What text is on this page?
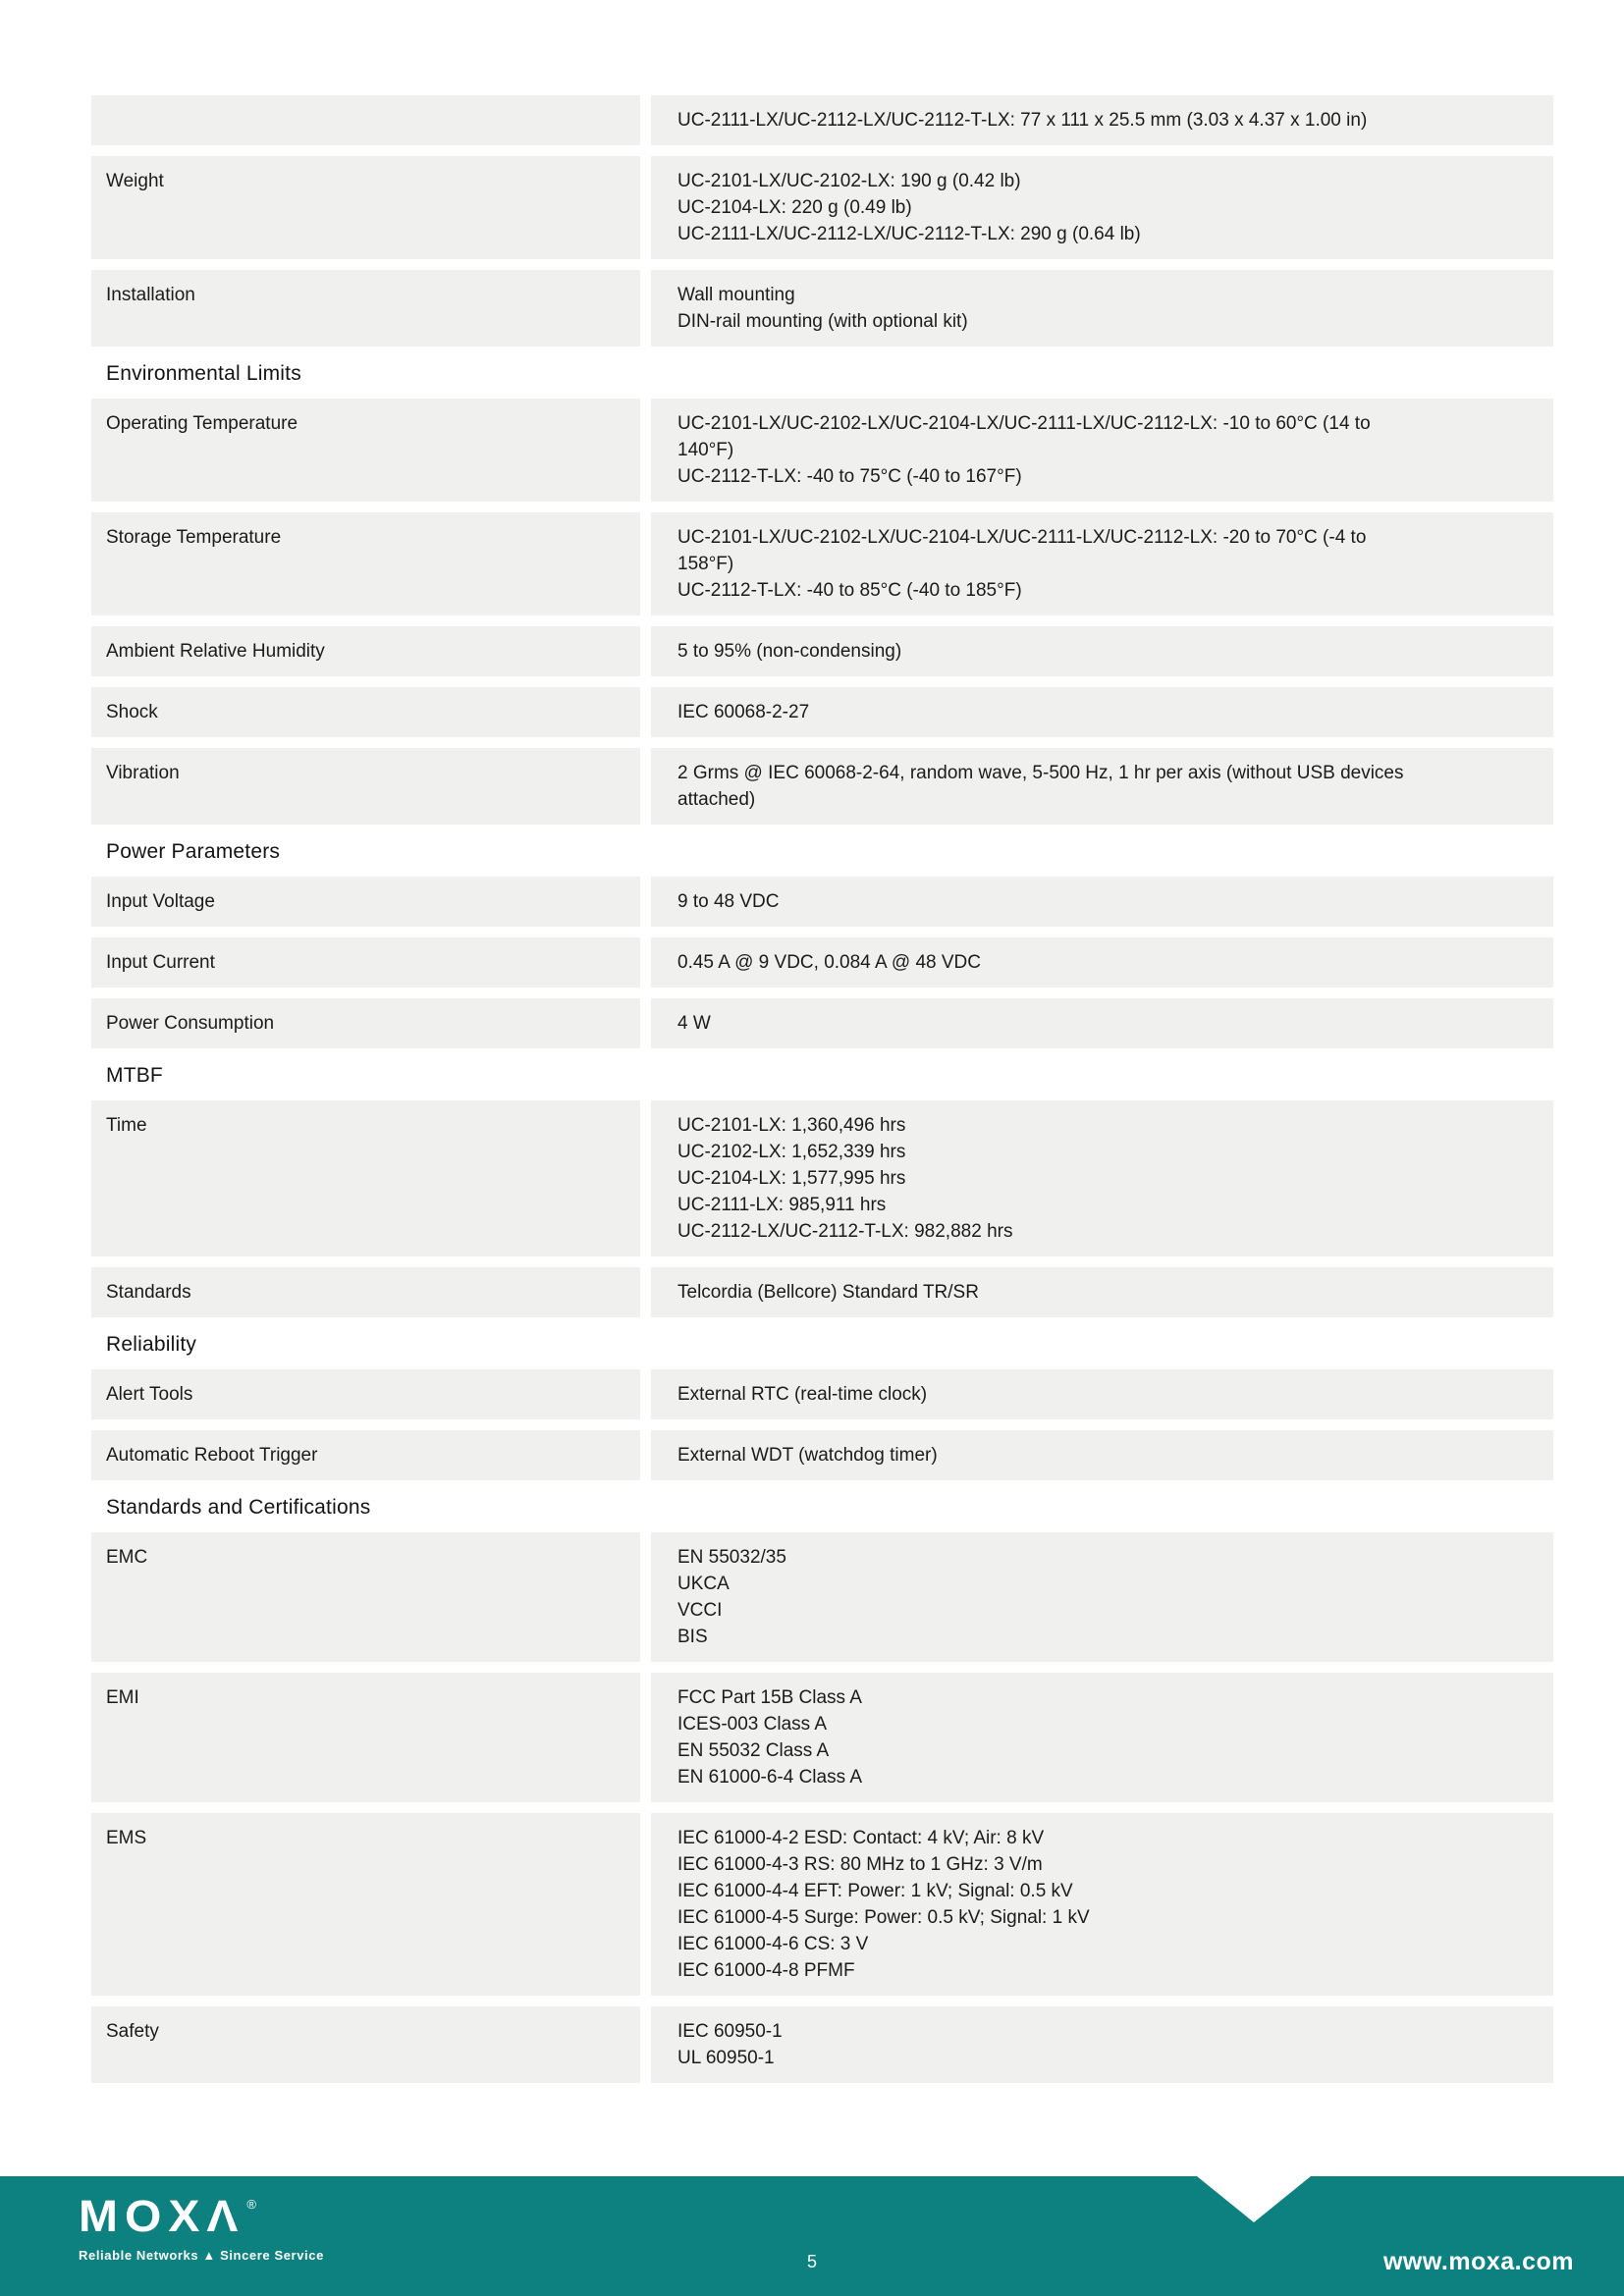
UC-2111-LX/UC-2112-LX/UC-2112-T-LX: 77 x 111 x 25.5 mm (3.03 x 4.37 x 1.00 in)
Weight	UC-2101-LX/UC-2102-LX: 190 g (0.42 lb)
UC-2104-LX: 220 g (0.49 lb)
UC-2111-LX/UC-2112-LX/UC-2112-T-LX: 290 g (0.64 lb)
Installation	Wall mounting
DIN-rail mounting (with optional kit)
Environmental Limits
Operating Temperature	UC-2101-LX/UC-2102-LX/UC-2104-LX/UC-2111-LX/UC-2112-LX: -10 to 60°C (14 to
140°F)
UC-2112-T-LX: -40 to 75°C (-40 to 167°F)
Storage Temperature	UC-2101-LX/UC-2102-LX/UC-2104-LX/UC-2111-LX/UC-2112-LX: -20 to 70°C (-4 to
158°F)
UC-2112-T-LX: -40 to 85°C (-40 to 185°F)
Ambient Relative Humidity	5 to 95% (non-condensing)
Shock	IEC 60068-2-27
Vibration	2 Grms @ IEC 60068-2-64, random wave, 5-500 Hz, 1 hr per axis (without USB devices
attached)
Power Parameters
Input Voltage	9 to 48 VDC
Input Current	0.45 A @ 9 VDC, 0.084 A @ 48 VDC
Power Consumption	4 W
MTBF
Time	UC-2101-LX: 1,360,496 hrs
UC-2102-LX: 1,652,339 hrs
UC-2104-LX: 1,577,995 hrs
UC-2111-LX: 985,911 hrs
UC-2112-LX/UC-2112-T-LX: 982,882 hrs
Standards	Telcordia (Bellcore) Standard TR/SR
Reliability
Alert Tools	External RTC (real-time clock)
Automatic Reboot Trigger	External WDT (watchdog timer)
Standards and Certifications
EMC	EN 55032/35
UKCA
VCCI
BIS
EMI	FCC Part 15B Class A
ICES-003 Class A
EN 55032 Class A
EN 61000-6-4 Class A
EMS	IEC 61000-4-2 ESD: Contact: 4 kV; Air: 8 kV
IEC 61000-4-3 RS: 80 MHz to 1 GHz: 3 V/m
IEC 61000-4-4 EFT: Power: 1 kV; Signal: 0.5 kV
IEC 61000-4-5 Surge: Power: 0.5 kV; Signal: 1 kV
IEC 61000-4-6 CS: 3 V
IEC 61000-4-8 PFMF
Safety	IEC 60950-1
UL 60950-1
MOXΛ ®
Reliable Networks ▲ Sincere Service	5	www.moxa.com
